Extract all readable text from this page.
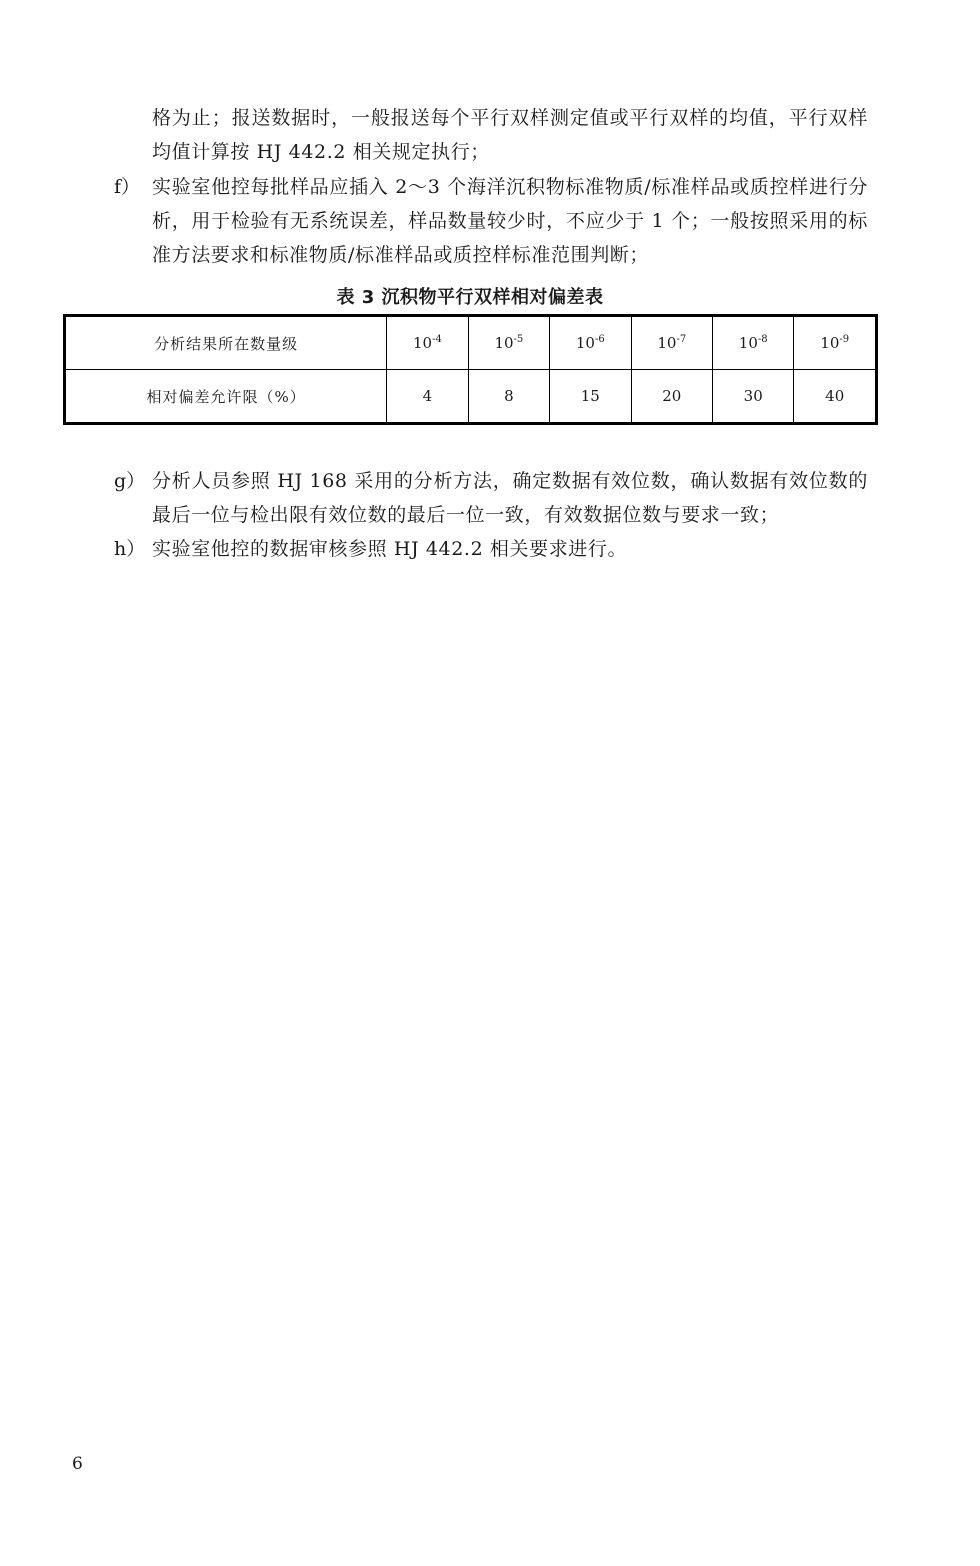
格为止；报送数据时，一般报送每个平行双样测定值或平行双样的均值，平行双样
均值计算按 HJ 442.2 相关规定执行；
f） 实验室他控每批样品应插入 2～3 个海洋沉积物标准物质/标准样品或质控样进行分
析，用于检验有无系统误差，样品数量较少时，不应少于 1 个；一般按照采用的标
准方法要求和标准物质/标准样品或质控样标准范围判断；
表 3 沉积物平行双样相对偏差表
分析结果所在数量级	$10^{-4}$	$10^{-5}$	$10^{-6}$	$10^{-7}$	$10^{-8}$	$10^{-9}$
相对偏差允许限（%）	4	8	15	20	30	40
g） 分析人员参照 HJ 168 采用的分析方法，确定数据有效位数，确认数据有效位数的
最后一位与检出限有效位数的最后一位一致，有效数据位数与要求一致；
h） 实验室他控的数据审核参照 HJ 442.2 相关要求进行。
6
